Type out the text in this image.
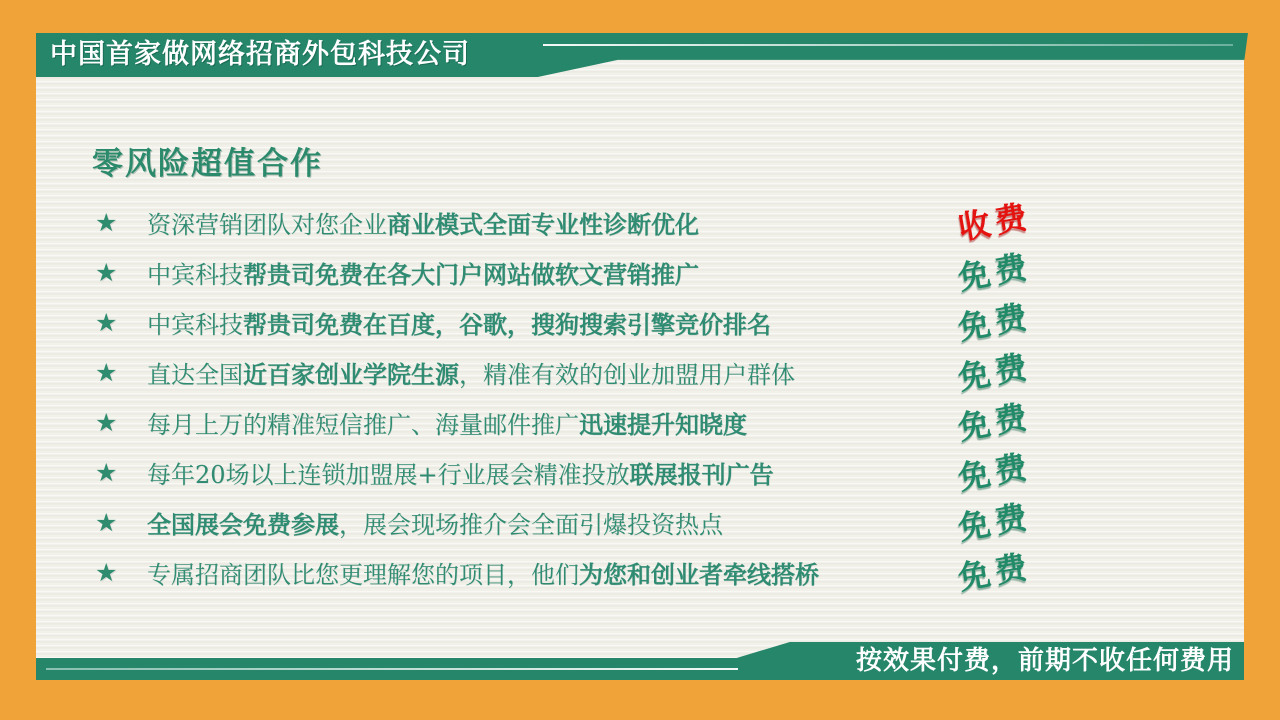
中国首家做网络招商外包科技公司
零风险超值合作
★	资深营销团队对您企业商业模式全面专业性诊断优化	收费
★	中宾科技帮贵司免费在各大门户网站做软文营销推广	免费
★	中宾科技帮贵司免费在百度，谷歌，搜狗搜索引擎竞价排名	免费
★	直达全国近百家创业学院生源，精准有效的创业加盟用户群体	免费
★	每月上万的精准短信推广、海量邮件推广迅速提升知晓度	免费
★	每年20场以上连锁加盟展+行业展会精准投放联展报刊广告	免费
★	全国展会免费参展，展会现场推介会全面引爆投资热点	免费
★	专属招商团队比您更理解您的项目，他们为您和创业者牵线搭桥	免费
按效果付费，前期不收任何费用
